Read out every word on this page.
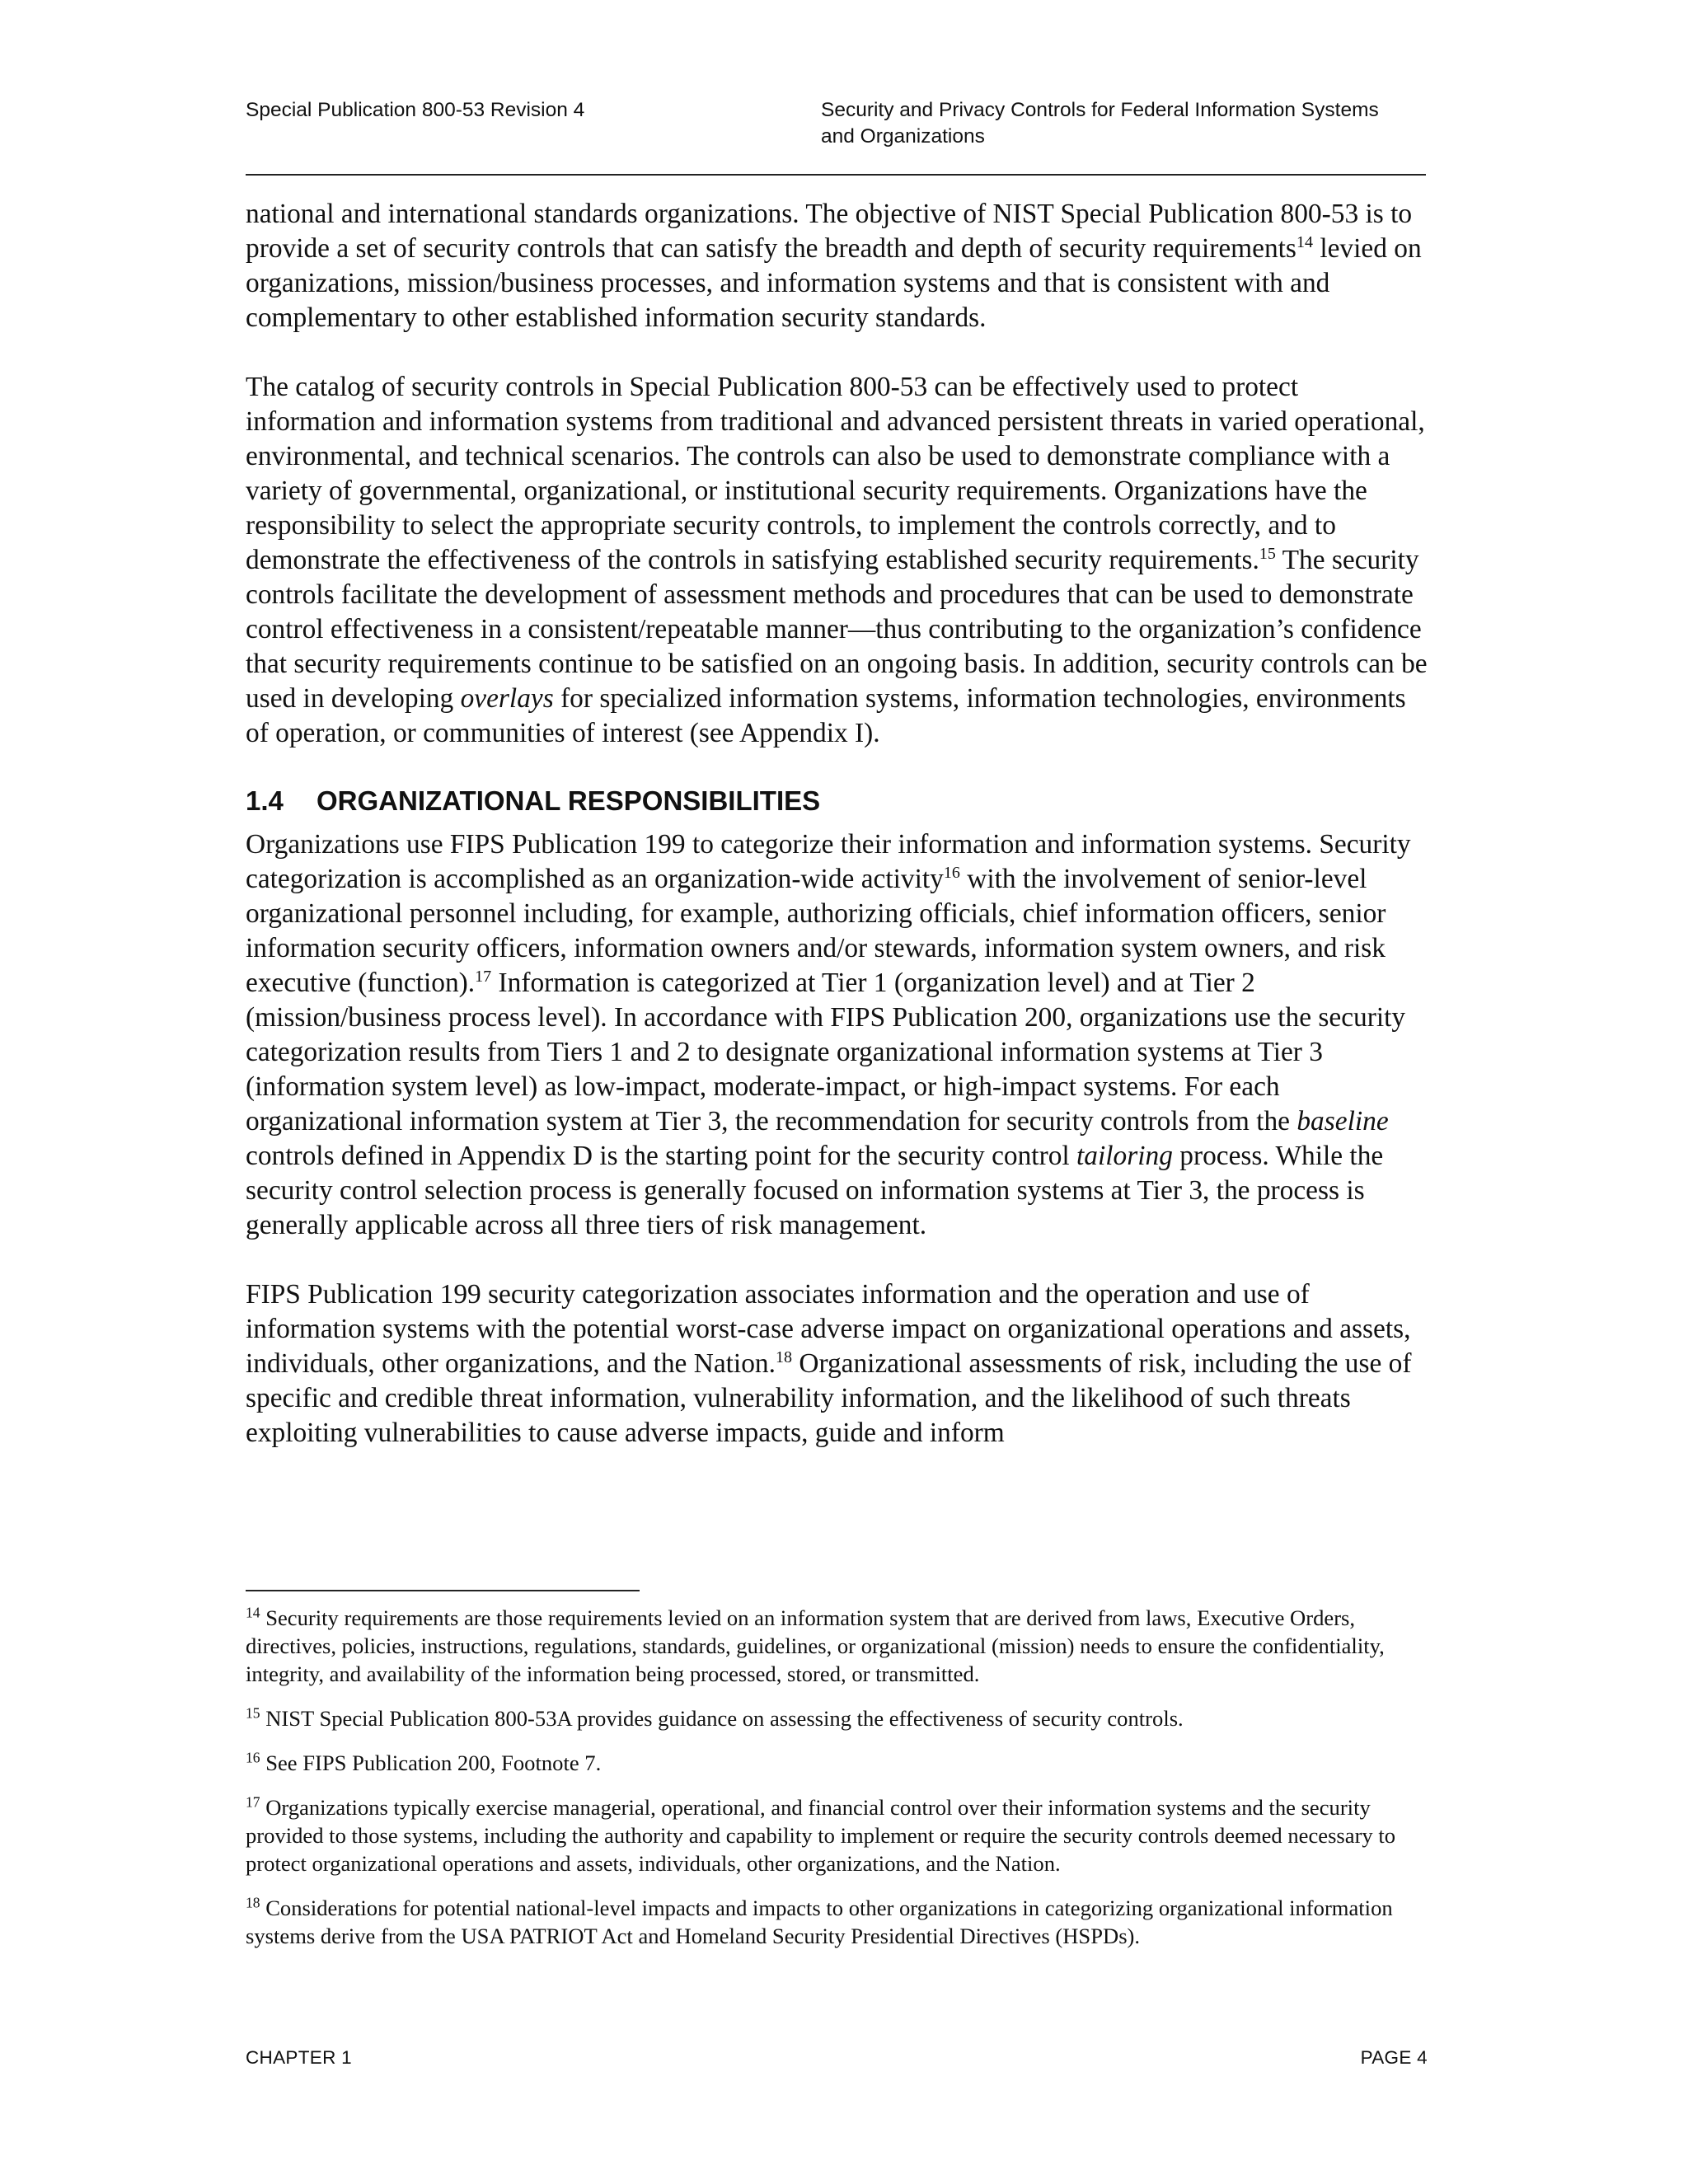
Special Publication 800-53 Revision 4	Security and Privacy Controls for Federal Information Systems
and Organizations

national and international standards organizations. The objective of NIST Special Publication 800-53 is to provide a set of security controls that can satisfy the breadth and depth of security requirements$^{14}$ levied on organizations, mission/business processes, and information systems and that is consistent with and complementary to other established information security standards.

The catalog of security controls in Special Publication 800-53 can be effectively used to protect information and information systems from traditional and advanced persistent threats in varied operational, environmental, and technical scenarios. The controls can also be used to demonstrate compliance with a variety of governmental, organizational, or institutional security requirements. Organizations have the responsibility to select the appropriate security controls, to implement the controls correctly, and to demonstrate the effectiveness of the controls in satisfying established security requirements.$^{15}$ The security controls facilitate the development of assessment methods and procedures that can be used to demonstrate control effectiveness in a consistent/repeatable manner—thus contributing to the organization’s confidence that security requirements continue to be satisfied on an ongoing basis. In addition, security controls can be used in developing overlays for specialized information systems, information technologies, environments of operation, or communities of interest (see Appendix I).

1.4 ORGANIZATIONAL RESPONSIBILITIES

Organizations use FIPS Publication 199 to categorize their information and information systems. Security categorization is accomplished as an organization-wide activity$^{16}$ with the involvement of senior-level organizational personnel including, for example, authorizing officials, chief information officers, senior information security officers, information owners and/or stewards, information system owners, and risk executive (function).$^{17}$ Information is categorized at Tier 1 (organization level) and at Tier 2 (mission/business process level). In accordance with FIPS Publication 200, organizations use the security categorization results from Tiers 1 and 2 to designate organizational information systems at Tier 3 (information system level) as low-impact, moderate-impact, or high-impact systems. For each organizational information system at Tier 3, the recommendation for security controls from the baseline controls defined in Appendix D is the starting point for the security control tailoring process. While the security control selection process is generally focused on information systems at Tier 3, the process is generally applicable across all three tiers of risk management.

FIPS Publication 199 security categorization associates information and the operation and use of information systems with the potential worst-case adverse impact on organizational operations and assets, individuals, other organizations, and the Nation.$^{18}$ Organizational assessments of risk, including the use of specific and credible threat information, vulnerability information, and the likelihood of such threats exploiting vulnerabilities to cause adverse impacts, guide and inform

$^{14}$ Security requirements are those requirements levied on an information system that are derived from laws, Executive Orders, directives, policies, instructions, regulations, standards, guidelines, or organizational (mission) needs to ensure the confidentiality, integrity, and availability of the information being processed, stored, or transmitted.
$^{15}$ NIST Special Publication 800-53A provides guidance on assessing the effectiveness of security controls.
$^{16}$ See FIPS Publication 200, Footnote 7.
$^{17}$ Organizations typically exercise managerial, operational, and financial control over their information systems and the security provided to those systems, including the authority and capability to implement or require the security controls deemed necessary to protect organizational operations and assets, individuals, other organizations, and the Nation.
$^{18}$ Considerations for potential national-level impacts and impacts to other organizations in categorizing organizational information systems derive from the USA PATRIOT Act and Homeland Security Presidential Directives (HSPDs).
CHAPTER 1	PAGE 4
